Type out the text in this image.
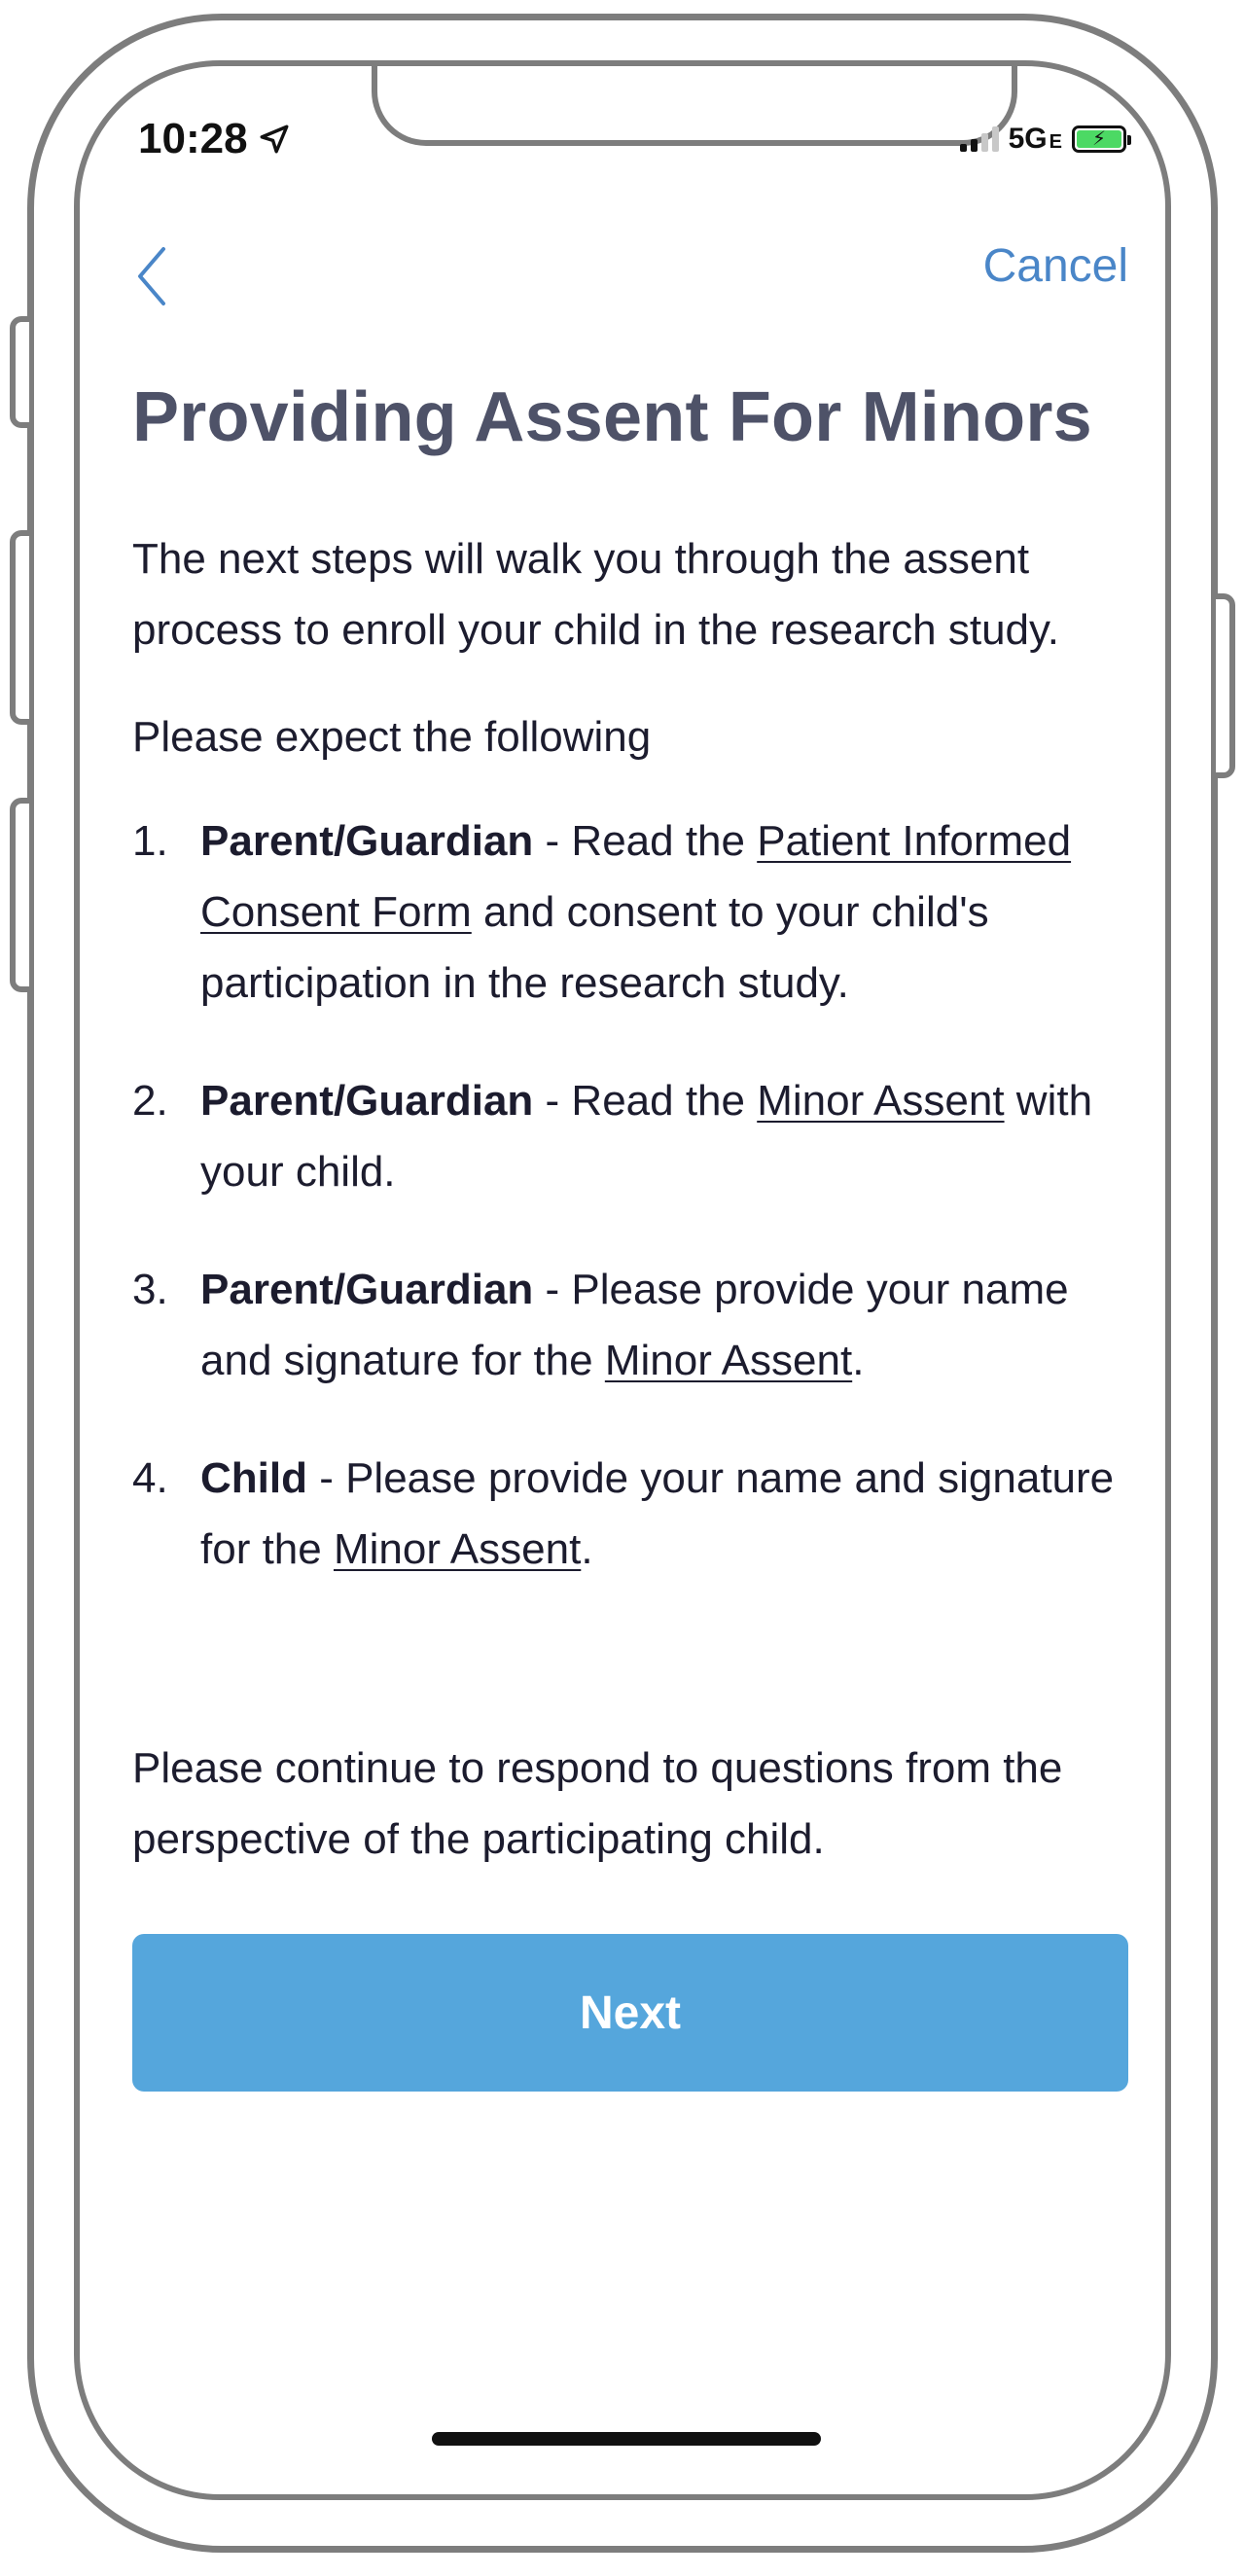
10:28	5G E	⚡
Cancel
Providing Assent For Minors
The next steps will walk you through the assent process to enroll your child in the research study.
Please expect the following
1. Parent/Guardian - Read the Patient Informed Consent Form and consent to your child's participation in the research study.
2. Parent/Guardian - Read the Minor Assent with your child.
3. Parent/Guardian - Please provide your name and signature for the Minor Assent.
4. Child - Please provide your name and signature for the Minor Assent.
Please continue to respond to questions from the perspective of the participating child.
Next
